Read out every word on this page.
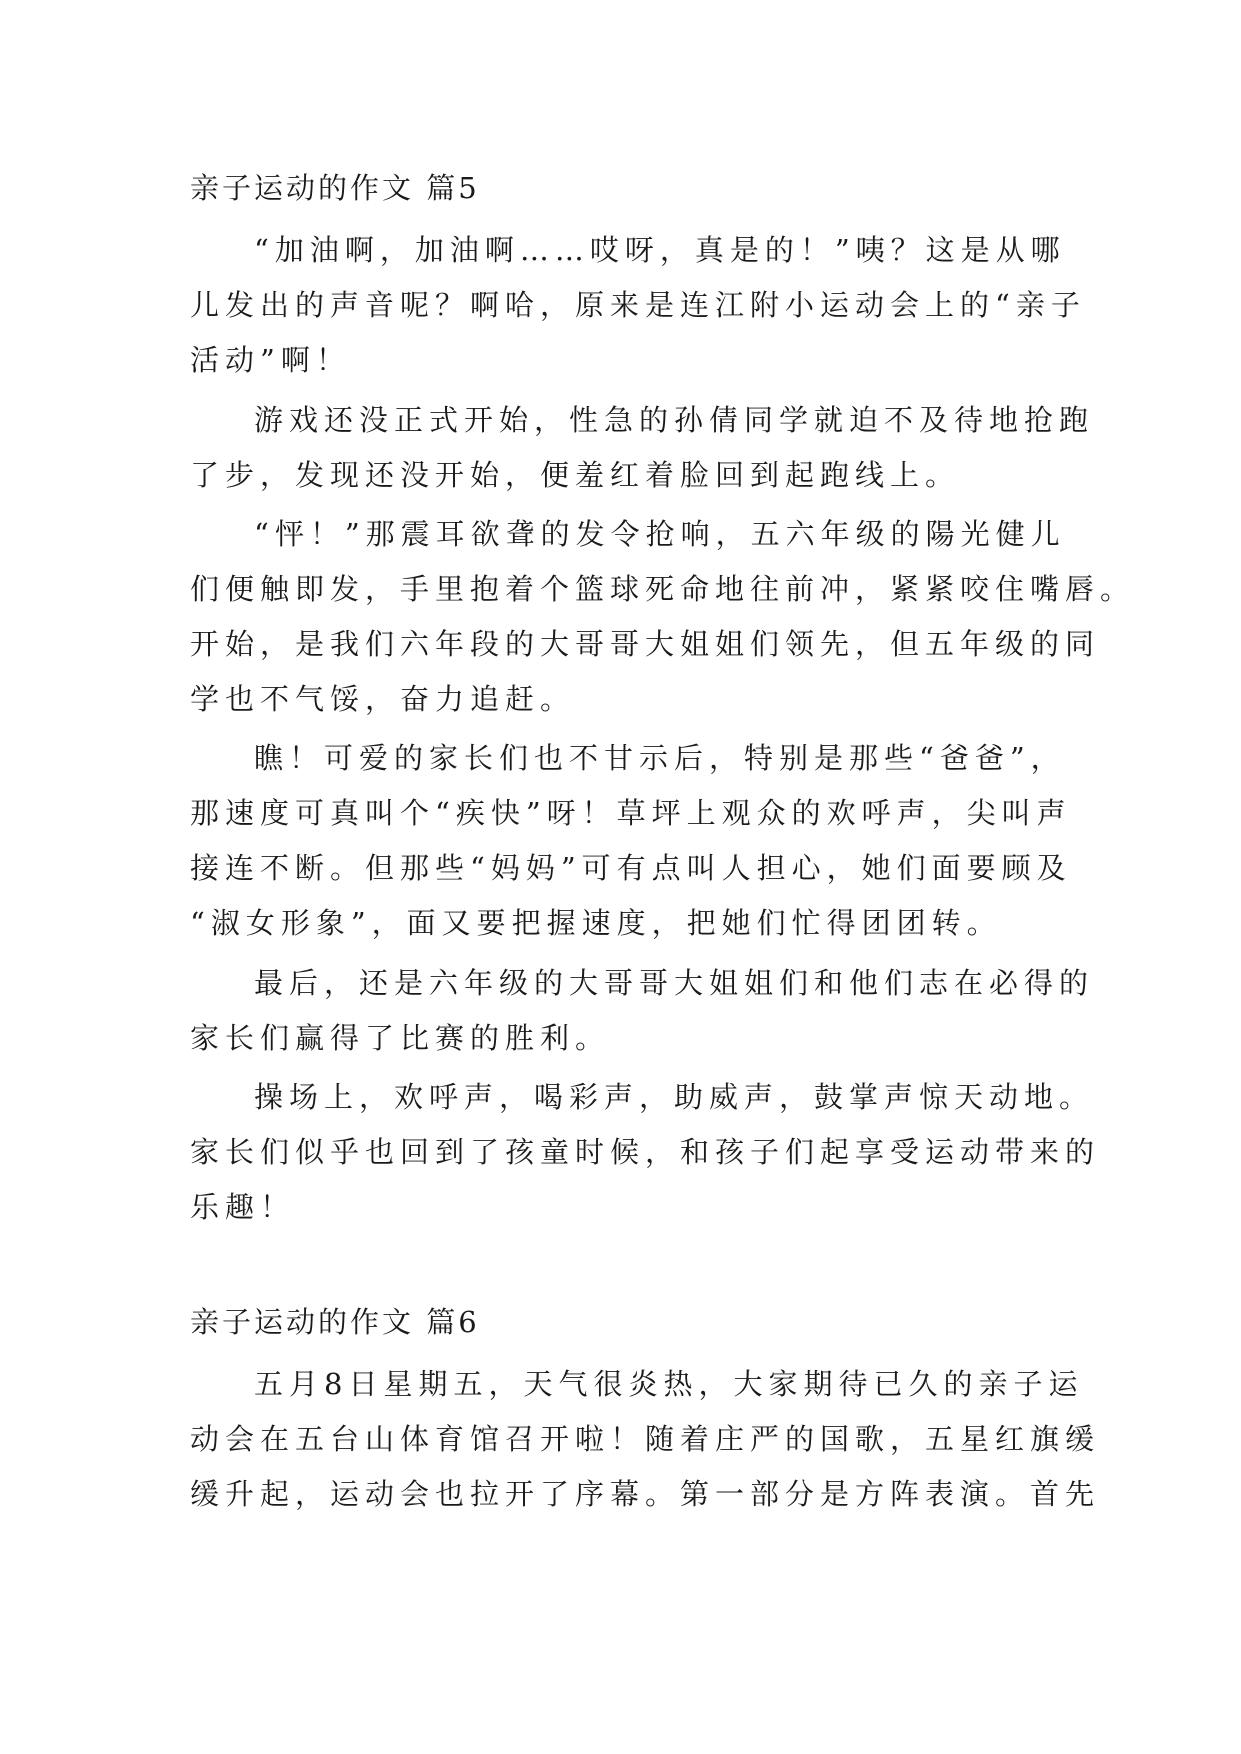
亲子运动的作文 篇5

“加油啊，加油啊……哎呀，真是的！”咦？这是从哪

儿发出的声音呢？啊哈，原来是连江附小运动会上的“亲子

活动”啊！

游戏还没正式开始，性急的孙倩同学就迫不及待地抢跑

了步，发现还没开始，便羞红着脸回到起跑线上。

“怦！”那震耳欲聋的发令抢响，五六年级的陽光健儿

们便触即发，手里抱着个篮球死命地往前冲，紧紧咬住嘴唇。

开始，是我们六年段的大哥哥大姐姐们领先，但五年级的同

学也不气馁，奋力追赶。

瞧！可爱的家长们也不甘示后，特别是那些“爸爸”，

那速度可真叫个“疾快”呀！草坪上观众的欢呼声，尖叫声

接连不断。但那些“妈妈”可有点叫人担心，她们面要顾及

“淑女形象”，面又要把握速度，把她们忙得团团转。

最后，还是六年级的大哥哥大姐姐们和他们志在必得的

家长们赢得了比赛的胜利。

操场上，欢呼声，喝彩声，助威声，鼓掌声惊天动地。

家长们似乎也回到了孩童时候，和孩子们起享受运动带来的

乐趣！

亲子运动的作文 篇6

五月8日星期五，天气很炎热，大家期待已久的亲子运

动会在五台山体育馆召开啦！随着庄严的国歌，五星红旗缓

缓升起，运动会也拉开了序幕。第一部分是方阵表演。首先
